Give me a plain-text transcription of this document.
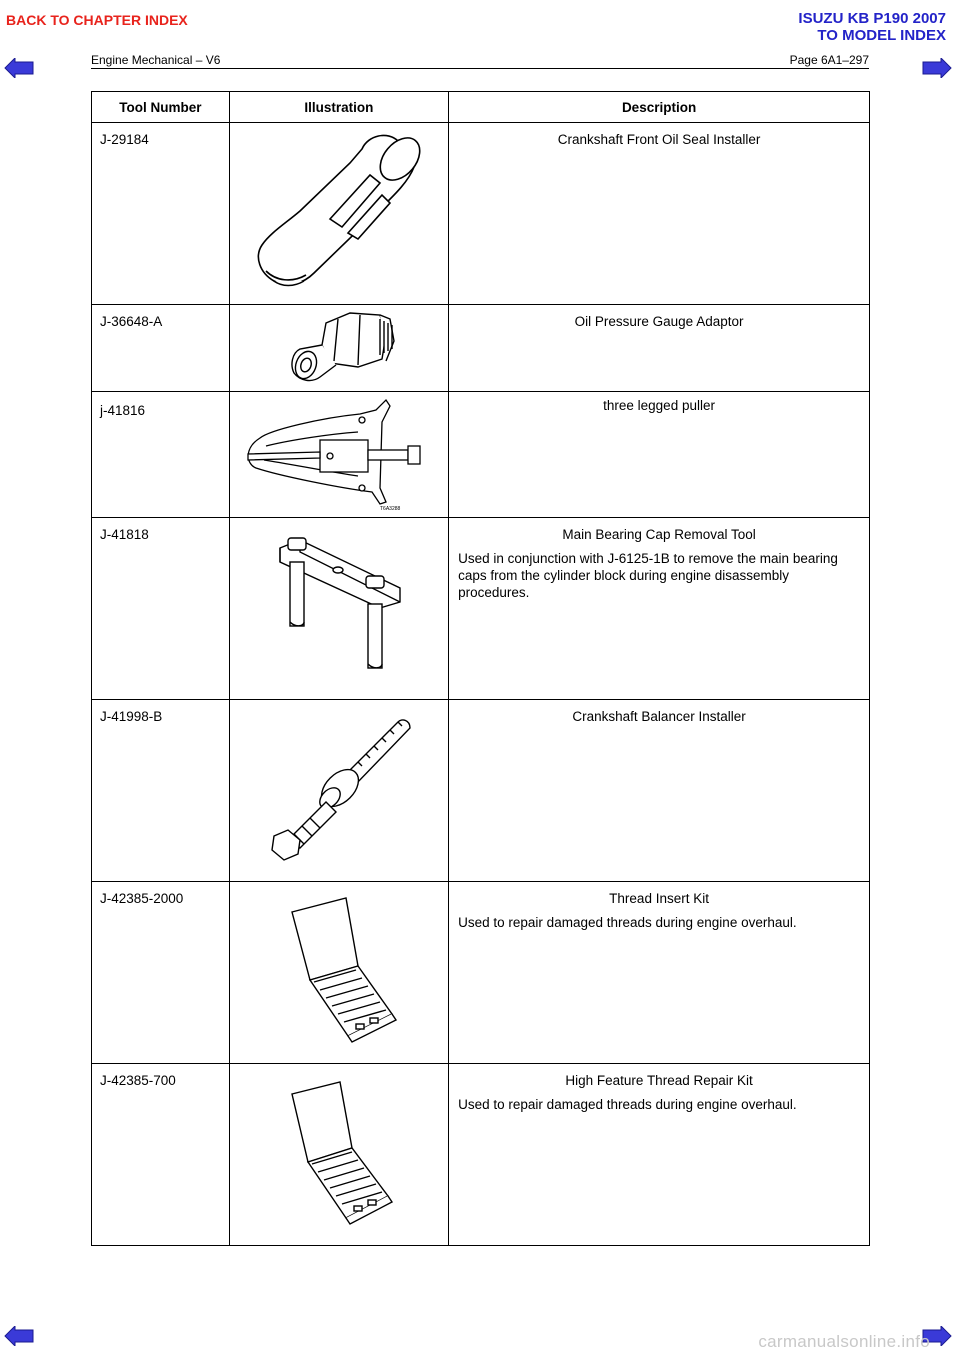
BACK TO CHAPTER INDEX	ISUZU KB P190 2007
TO MODEL INDEX
Engine Mechanical – V6	Page 6A1–297
Tool Number	Illustration	Description

J-29184		Crankshaft Front Oil Seal Installer

J-36648-A		Oil Pressure Gauge Adaptor

j-41816	T6A3288	three legged puller

J-41818		Main Bearing Cap Removal Tool
Used in conjunction with J-6125-1B to remove the main bearing caps from the cylinder block during engine disassembly procedures.

J-41998-B		Crankshaft Balancer Installer

J-42385-2000		Thread Insert Kit
Used to repair damaged threads during engine overhaul.

J-42385-700		High Feature Thread Repair Kit
Used to repair damaged threads during engine overhaul.
carmanualsonline.info
